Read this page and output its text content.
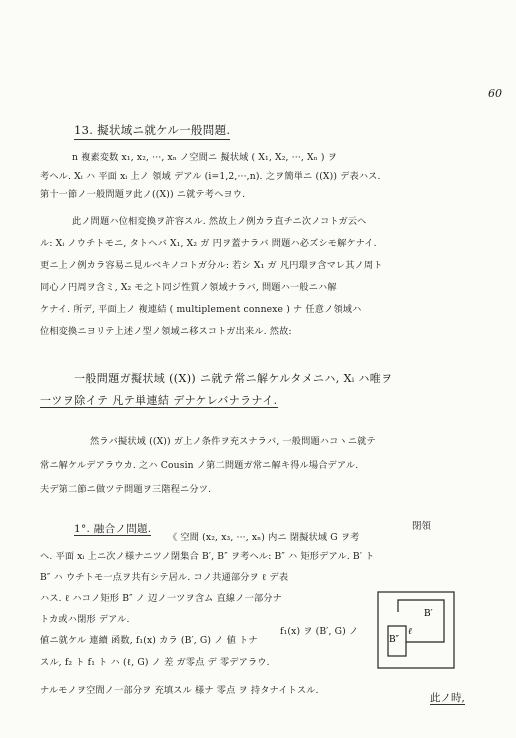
60
13. 擬状域ニ就ケル一般問題.
n 複素変数 x₁, x₂, ···, xₙ ノ空間ニ 擬状域 ( X₁, X₂, ···, Xₙ ) ヲ
考ヘル. Xᵢ ハ 平面 xᵢ 上ノ 領域 デアル (i=1,2,···,n). 之ヲ簡単ニ ((X)) デ表ハス.
第十一節ノ一般問題ヲ此ノ((X)) ニ就テ考ヘヨウ.
此ノ問題ハ位相変換ヲ許容スル. 然故上ノ例カラ直チニ次ノコトガ云ヘ
ル: Xᵢ ノウチトモニ, タトヘバ X₁, X₂ ガ 円ヲ蓋ナラバ 問題ハ必ズシモ解ケナイ.
更ニ上ノ例カラ容易ニ見ルベキノコトガ分ル: 若シ X₁ ガ 凡円環ヲ含マレ其ノ周ト
同心ノ円周ヲ含ミ, X₂ モ之ト同ジ性質ノ領域ナラバ, 問題ハ一般ニハ解
ケナイ. 所デ, 平面上ノ 複連結 ( multiplement connexe ) ナ 任意ノ領域ハ
位相変換ニヨリテ上述ノ型ノ領域ニ移スコトガ出来ル. 然故:
一般問題ガ擬状域 ((X)) ニ就テ常ニ解ケルタメニハ, Xᵢ ハ唯ヲ
一ツヲ除イテ 凡テ単連結 デナケレバナラナイ.
然ラバ擬状域 ((X)) ガ上ノ条件ヲ充スナラバ, 一般問題ハコヽニ就テ
常ニ解ケルデアラウカ. 之ハ Cousin ノ第二問題ガ常ニ解キ得ル場合デアル.
夫デ第二節ニ做ツテ問題ヲ三階程ニ分ツ.
閉領
1°. 融合ノ問題.
《 空間 (x₂, x₃, ···, xₙ) 内ニ 閉擬状域 G ヲ考
ヘ. 平面 xᵢ 上ニ次ノ様ナニツノ閉集合 B′, B″ ヲ考ヘル: B″ ハ 矩形デアル. B′ ト
B″ ハ ウチトモ一点ヲ共有シテ居ル. コノ共通部分ヲ ℓ デ表
ハス. ℓ ハコノ矩形 B″ ノ 辺ノ一ツヲ含ム 直線ノ一部分ナ
トカ或ハ閉形 デアル.
f₁(x) ヲ (B′, G) ノ
値ニ就ケル 連續 函数, f₁(x) カラ (B′, G) ノ 値 トナ
スル, f₂ ト f₁ ト ハ (ℓ, G) ノ 差 ガ零点 デ 零デアラウ.
ナルモノヲ空間ノ一部分ヲ 充填スル 様ナ 零点 ヲ 持タナイトスル.
此ノ時,
B′
B″
ℓ
